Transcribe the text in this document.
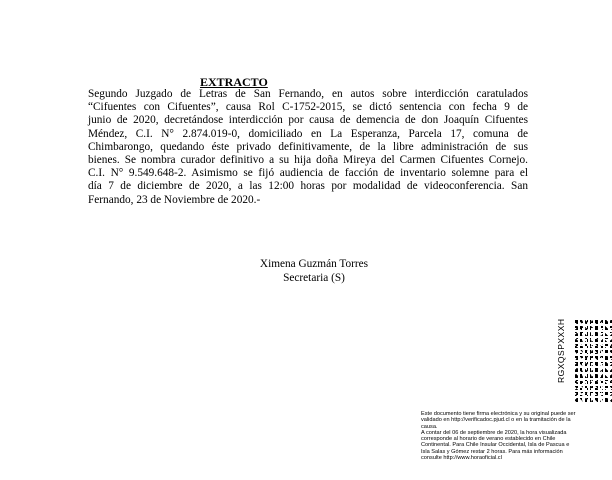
EXTRACTO
Segundo Juzgado de Letras de San Fernando, en autos sobre interdicción caratulados
“Cifuentes con Cifuentes”, causa Rol C-1752-2015, se dictó sentencia con fecha 9 de
junio de 2020, decretándose interdicción por causa de demencia de don Joaquín Cifuentes
Méndez, C.I. N° 2.874.019-0, domiciliado en La Esperanza, Parcela 17, comuna de
Chimbarongo, quedando éste privado definitivamente, de la libre administración de sus
bienes. Se nombra curador definitivo a su hija doña Mireya del Carmen Cifuentes Cornejo.
C.I. N° 9.549.648-2. Asimismo se fijó audiencia de facción de inventario solemne para el
día 7 de diciembre de 2020, a las 12:00 horas por modalidad de videoconferencia. San
Fernando, 23 de Noviembre de 2020.-
Ximena Guzmán Torres
Secretaria (S)
RGXQSPXXXH
Este documento tiene firma electrónica y su original puede ser
validado en http://verificadoc.pjud.cl o en la tramitación de la
causa.
A contar del 06 de septiembre de 2020, la hora visualizada
corresponde al horario de verano establecido en Chile
Continental. Para Chile Insular Occidental, Isla de Pascua e
Isla Salas y Gómez restar 2 horas. Para más información
consulte http://www.horaoficial.cl
